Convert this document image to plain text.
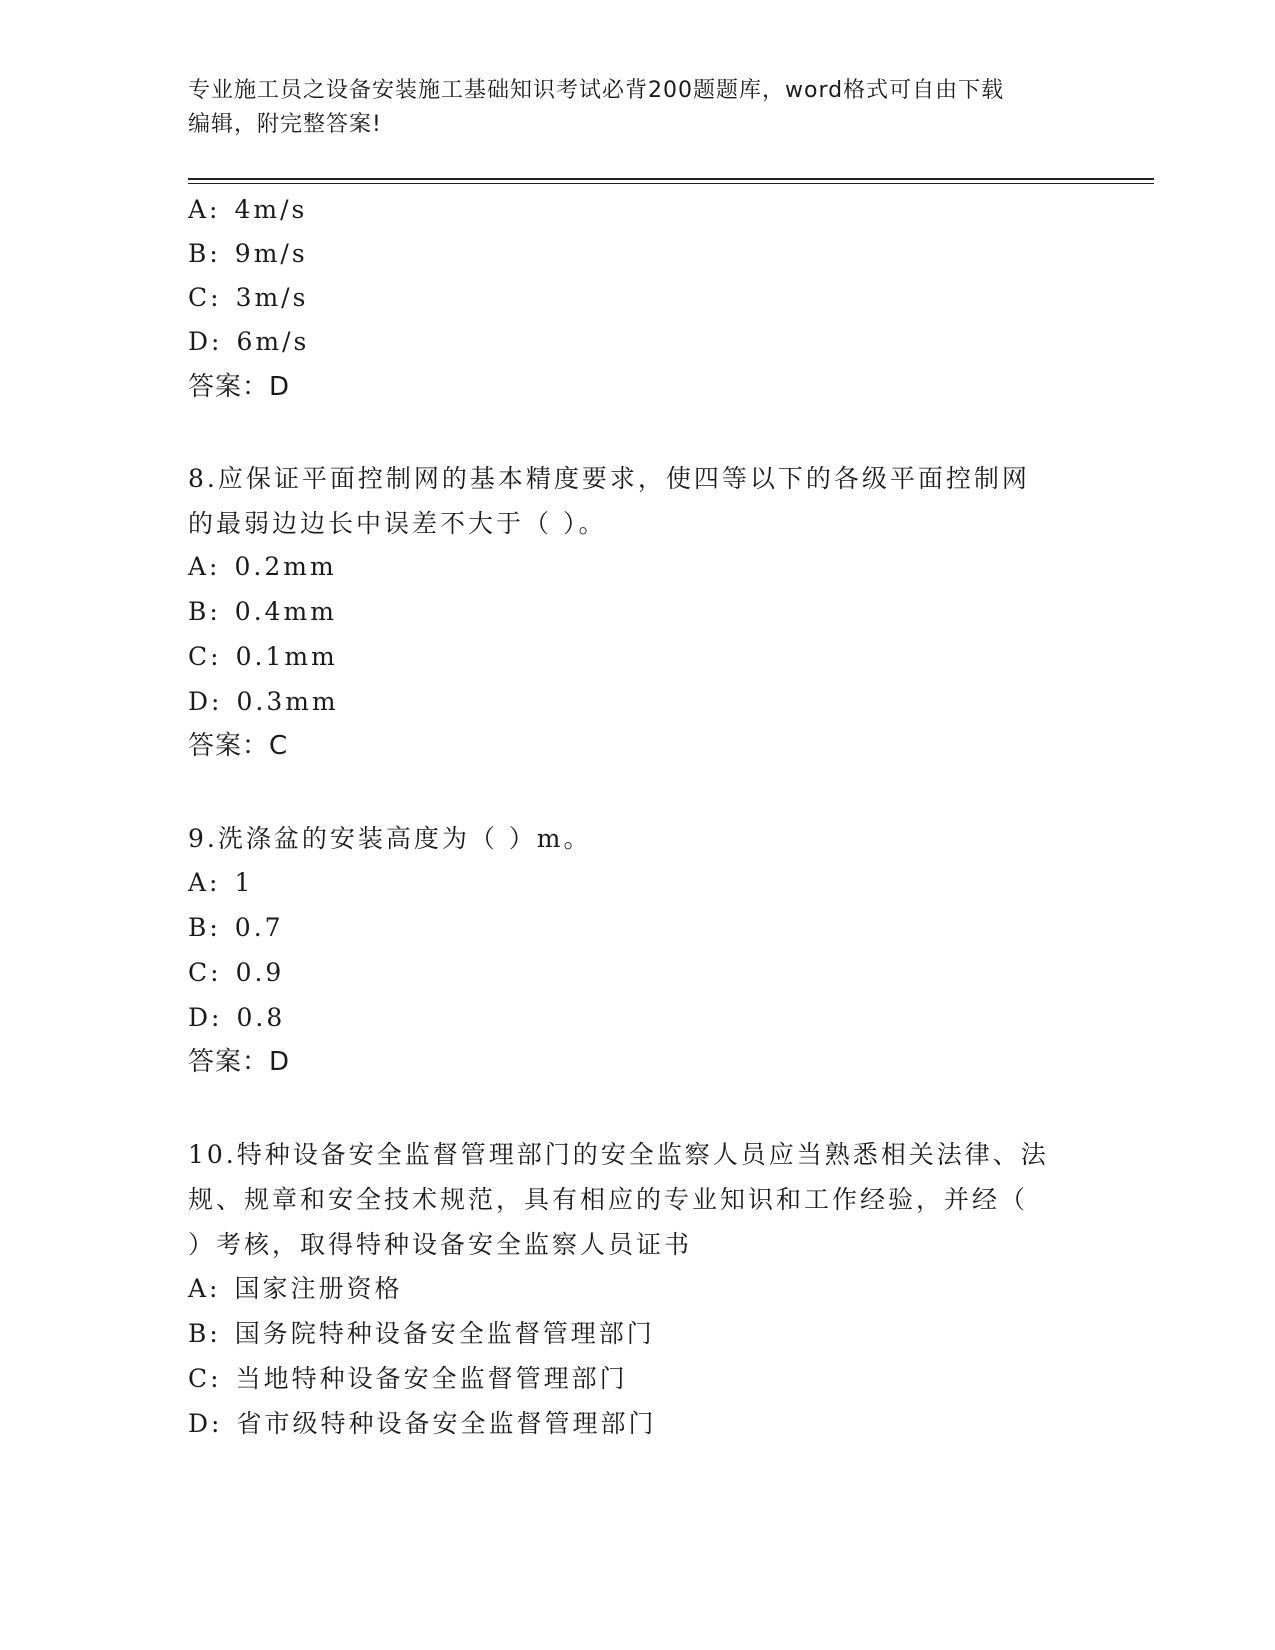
专业施工员之设备安装施工基础知识考试必背200题题库，word格式可自由下载
编辑，附完整答案!
A: 4m/s
B: 9m/s
C: 3m/s
D: 6m/s
答案：D
8.应保证平面控制网的基本精度要求，使四等以下的各级平面控制网
的最弱边边长中误差不大于（ ）。
A: 0.2mm
B: 0.4mm
C: 0.1mm
D: 0.3mm
答案：C
9.洗涤盆的安装高度为（ ）m。
A: 1
B: 0.7
C: 0.9
D: 0.8
答案：D
10.特种设备安全监督管理部门的安全监察人员应当熟悉相关法律、法
规、规章和安全技术规范，具有相应的专业知识和工作经验，并经（
）考核，取得特种设备安全监察人员证书
A: 国家注册资格
B: 国务院特种设备安全监督管理部门
C: 当地特种设备安全监督管理部门
D: 省市级特种设备安全监督管理部门
